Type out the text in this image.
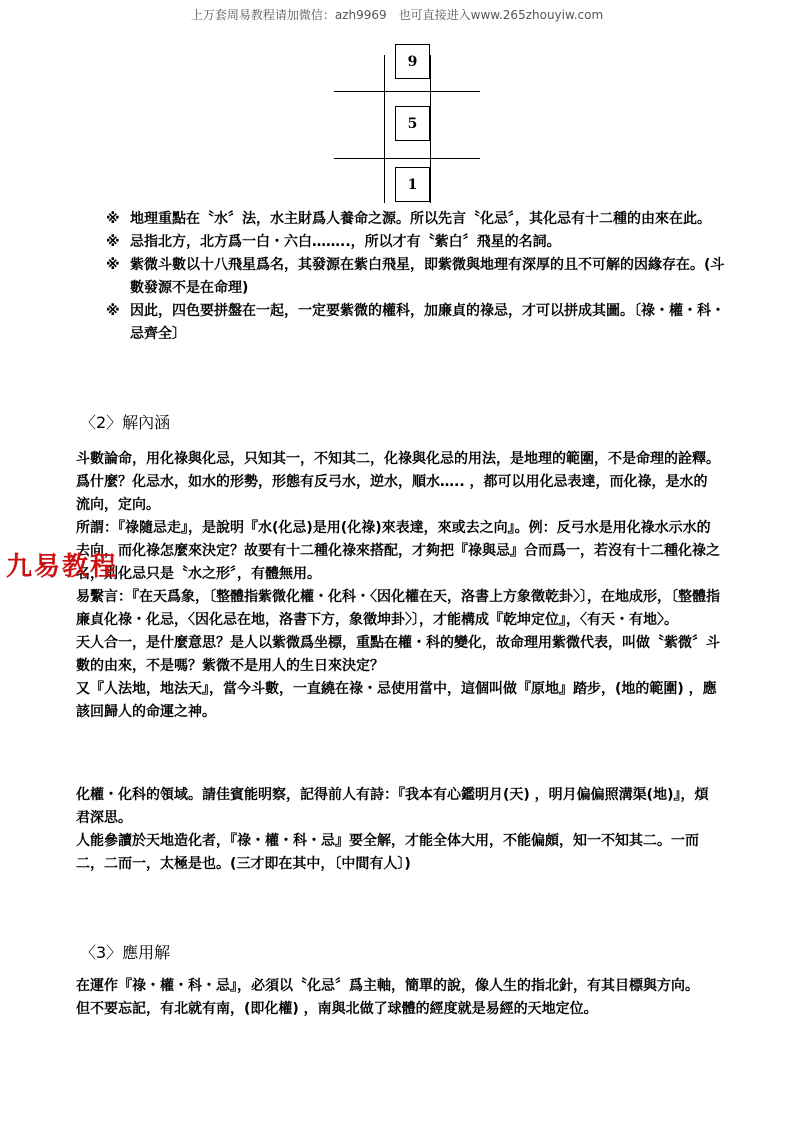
上万套周易教程请加微信：azh9969　也可直接进入www.265zhouyiw.com
9
5
1
※ 地理重點在〝水〞法，水主財爲人養命之源。所以先言〝化忌〞，其化忌有十二種的由來在此。
※ 忌指北方，北方爲一白・六白……..，所以才有〝紫白〞飛星的名詞。
※ 紫微斗數以十八飛星爲名，其發源在紫白飛星，即紫微與地理有深厚的且不可解的因緣存在。(斗數發源不是在命理)
※ 因此，四色要拼盤在一起，一定要紫微的權科，加廉貞的祿忌，才可以拼成其圖。〔祿・權・科・忌齊全〕
〈2〉解內涵

斗數論命，用化祿與化忌，只知其一，不知其二，化祿與化忌的用法，是地理的範圍，不是命理的詮釋。爲什麼？化忌水，如水的形勢，形態有反弓水，逆水，順水….. ，都可以用化忌表達，而化祿，是水的流向，定向。

所謂：『祿隨忌走』，是說明『水(化忌)是用(化祿)來表達，來或去之向』。例：反弓水是用化祿水示水的去向，而化祿怎麼來決定？故要有十二種化祿來搭配，才夠把『祿與忌』合而爲一，若沒有十二種化祿之名，則化忌只是〝水之形〞，有體無用。

易繫言：『在天爲象，〔整體指紫微化權・化科・〈因化權在天，洛書上方象徵乾卦〉〕，在地成形，〔整體指廉貞化祿・化忌，〈因化忌在地，洛書下方，象徵坤卦〉〕，才能構成『乾坤定位』，〈有天・有地〉。

天人合一，是什麼意思？是人以紫微爲坐標，重點在權・科的變化，故命理用紫微代表，叫做〝紫微〞斗數的由來，不是嗎？紫微不是用人的生日來決定？

又『人法地，地法天』，當今斗數，一直繞在祿・忌使用當中，這個叫做『原地』踏步，(地的範圍) ，應該回歸人的命運之神。

化權・化科的領域。請佳賓能明察，記得前人有詩：『我本有心鑑明月(天) ，明月偏偏照溝渠(地)』，煩君深思。

人能參讀於天地造化者，『祿・權・科・忌』要全解，才能全体大用，不能偏頗，知一不知其二。一而二，二而一，太極是也。(三才即在其中，〔中間有人〕)

〈3〉應用解

在運作『祿・權・科・忌』，必須以〝化忌〞爲主軸，簡單的說，像人生的指北針，有其目標與方向。

但不要忘記，有北就有南，(即化權) ，南與北做了球體的經度就是易經的天地定位。

九易教程
